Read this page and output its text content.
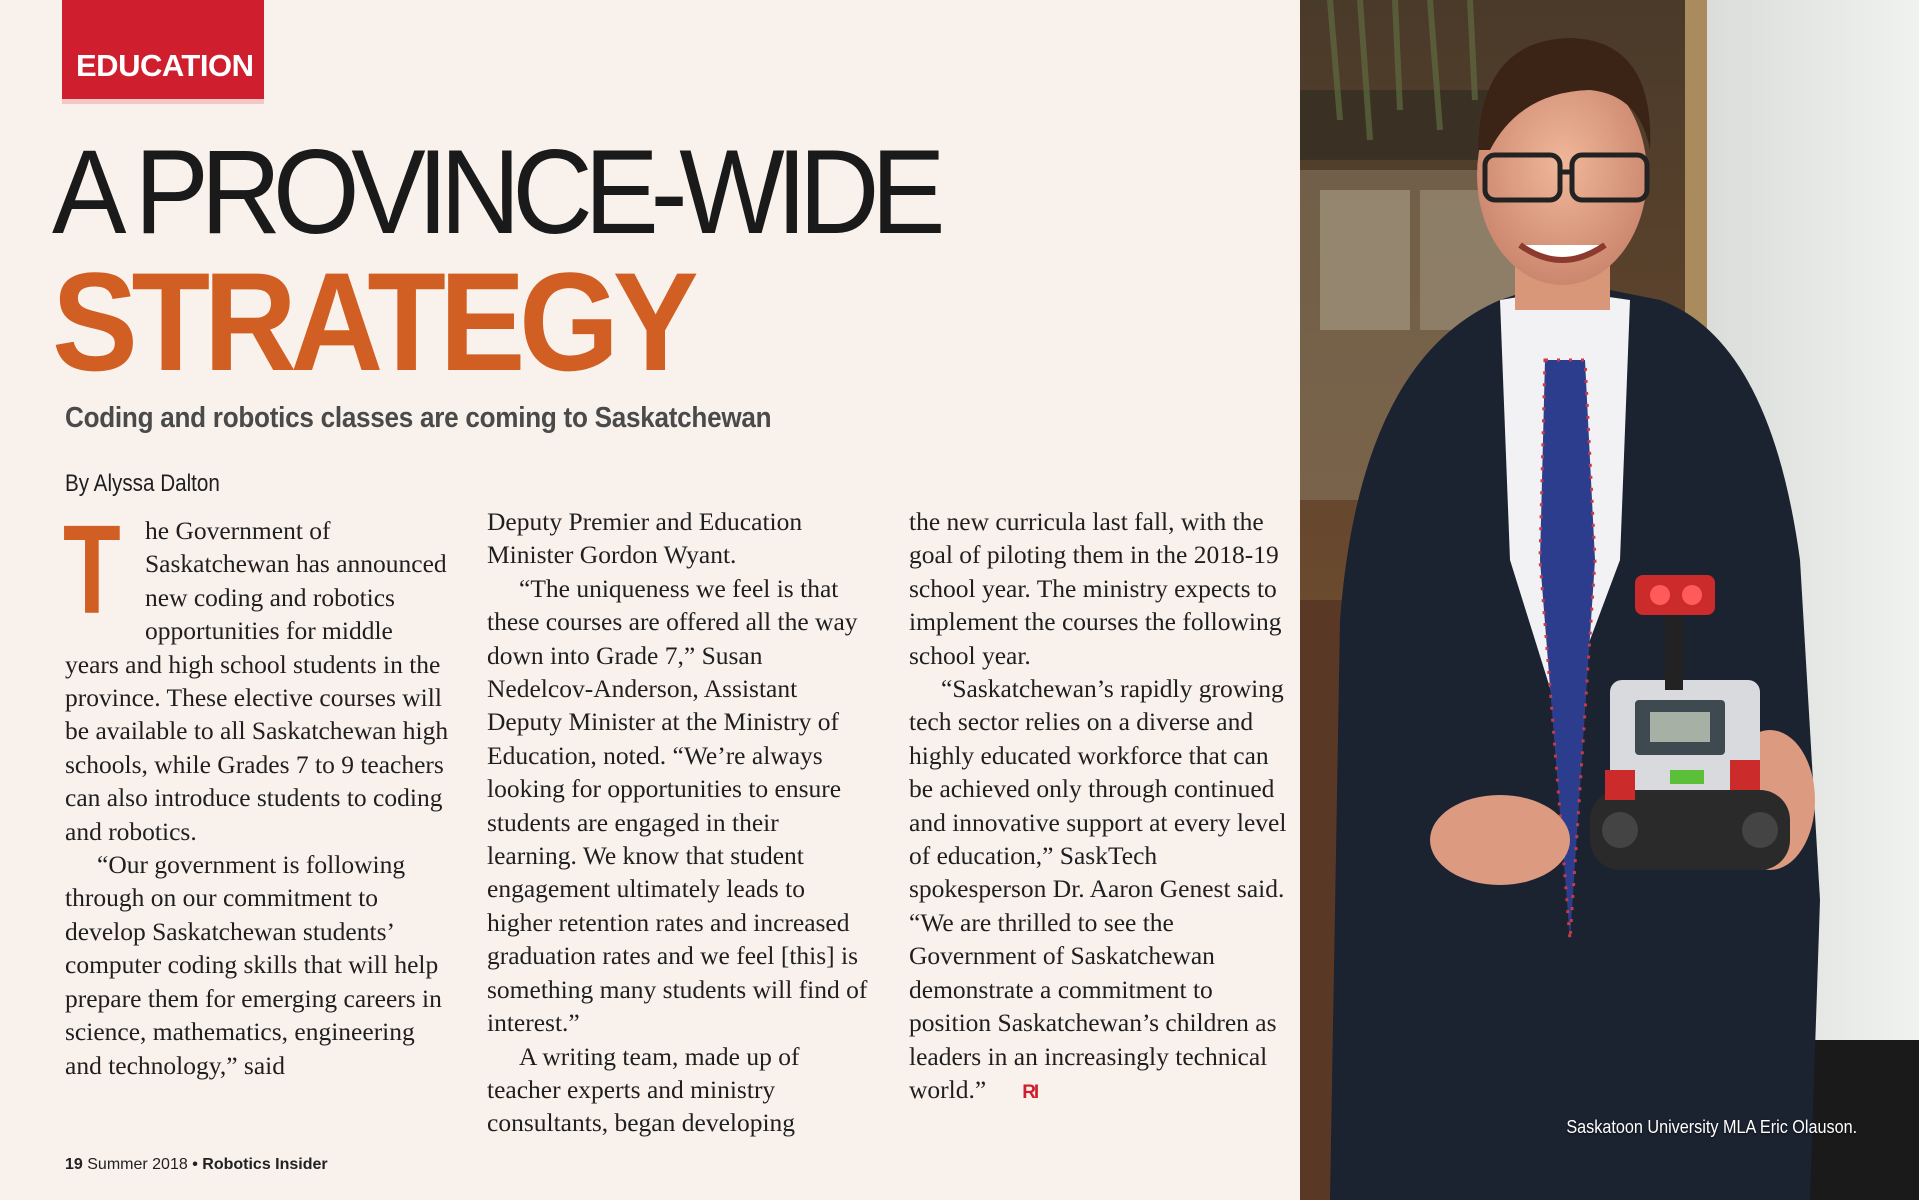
EDUCATION
A PROVINCE-WIDE
STRATEGY
Coding and robotics classes are coming to Saskatchewan
By Alyssa Dalton

The Government of Saskatchewan has announced new coding and robotics opportunities for middle years and high school students in the province. These elective courses will be available to all Saskatchewan high schools, while Grades 7 to 9 teachers can also introduce students to coding and robotics.

“Our government is following through on our commitment to develop Saskatchewan students’ computer coding skills that will help prepare them for emerging careers in science, mathematics, engineering and technology,” said

Deputy Premier and Education Minister Gordon Wyant.

“The uniqueness we feel is that these courses are offered all the way down into Grade 7,” Susan Nedelcov-Anderson, Assistant Deputy Minister at the Ministry of Education, noted. “We’re always looking for opportunities to ensure students are engaged in their learning. We know that student engagement ultimately leads to higher retention rates and increased graduation rates and we feel [this] is something many students will find of interest.”

A writing team, made up of teacher experts and ministry consultants, began developing

the new curricula last fall, with the goal of piloting them in the 2018-19 school year. The ministry expects to implement the courses the following school year.

“Saskatchewan’s rapidly growing tech sector relies on a diverse and highly educated workforce that can be achieved only through continued and innovative support at every level of education,” SaskTech spokesperson Dr. Aaron Genest said. “We are thrilled to see the Government of Saskatchewan demonstrate a commitment to position Saskatchewan’s children as leaders in an increasingly technical world.” RI

19 Summer 2018 • Robotics Insider
Saskatoon University MLA Eric Olauson.
